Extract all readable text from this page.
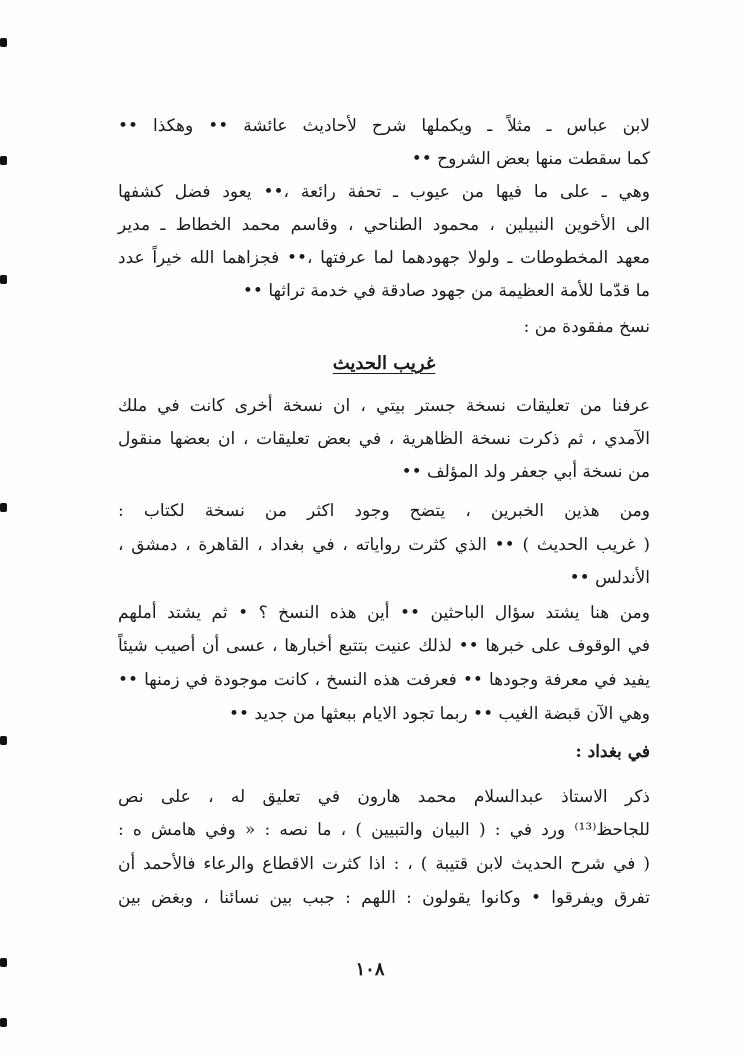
لابن عباس ـ مثلاً ـ ويكملها شرح لأحاديث عائشة •• وهكذا ••
كما سقطت منها بعض الشروح ••
وهي ـ على ما فيها من عيوب ـ تحفة رائعة ،•• يعود فضل كشفها
الى الأخوين النبيلين ، محمود الطناحي ، وقاسم محمد الخطاط ـ مدير
معهد المخطوطات ـ ولولا جهودهما لما عرفتها ،•• فجزاهما الله خيراً عدد
ما قدّما للأمة العظيمة من جهود صادقة في خدمة تراثها ••
نسخ مفقودة من :
غريب الحديث
عرفنا من تعليقات نسخة جستر بيتي ، ان نسخة أخرى كانت في ملك
الآمدي ، ثم ذكرت نسخة الظاهرية ، في بعض تعليقات ، ان بعضها منقول
من نسخة أبي جعفر ولد المؤلف ••
ومن هذين الخبرين ، يتضح وجود اكثر من نسخة لكتاب :
( غريب الحديث ) •• الذي كثرت رواياته ، في بغداد ، القاهرة ، دمشق ،
الأندلس ••
ومن هنا يشتد سؤال الباحثين •• أين هذه النسخ ؟ • ثم يشتد أملهم
في الوقوف على خبرها •• لذلك عنيت بتتبع أخبارها ، عسى أن أصيب شيئاً
يفيد في معرفة وجودها •• فعرفت هذه النسخ ، كانت موجودة في زمنها ••
وهي الآن قبضة الغيب •• ربما تجود الايام ببعثها من جديد ••
في بغداد :
ذكر الاستاذ عبدالسلام محمد هارون في تعليق له ، على نص
للجاحظ⁽¹³⁾ ورد في : ( البيان والتبيين ) ، ما نصه : « وفي هامش ه :
( في شرح الحديث لابن قتيبة ) ، : اذا كثرت الاقطاع والرعاء فالأحمد أن
تفرق ويفرقوا • وكانوا يقولون : اللهم : جبب بين نسائنا ، وبغض بين
١٠٨
